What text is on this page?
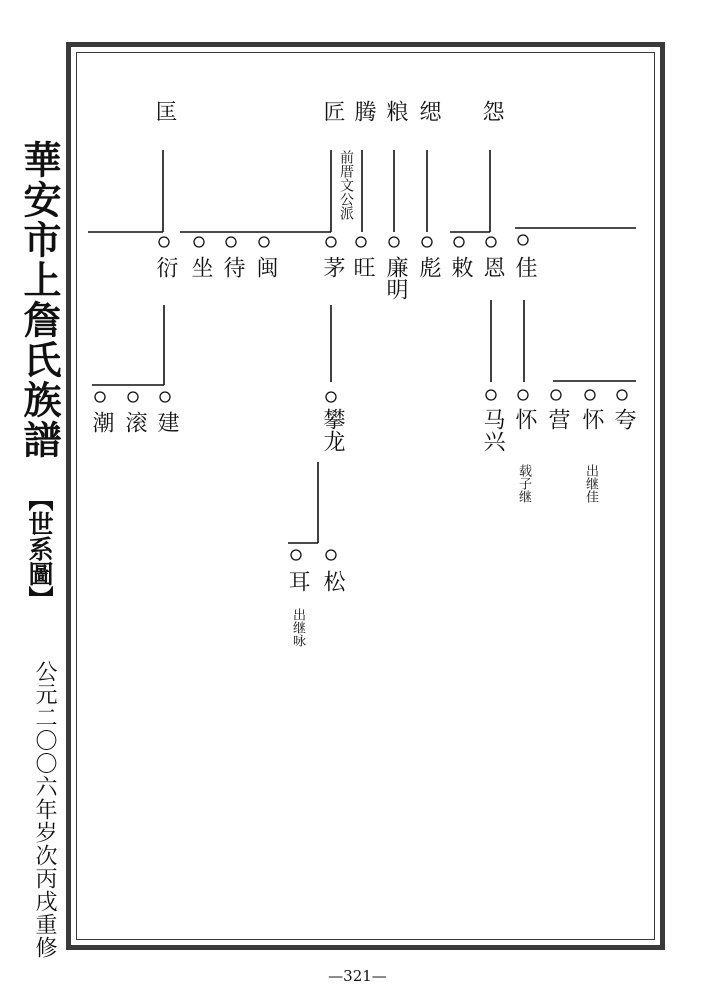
華安市上詹氏族譜
【世系圖】
公元二〇〇六年岁次丙戌重修
—321—
匡	匠 腾 粮 缌 怨
前厝文公派
衍 坐 待 闽 茅 旺 廉明 彪 敕 恩 佳
潮 滚 建	攀龙	马兴 怀 营 怀 夸
载子继	出继佳
耳 松
出继咏
